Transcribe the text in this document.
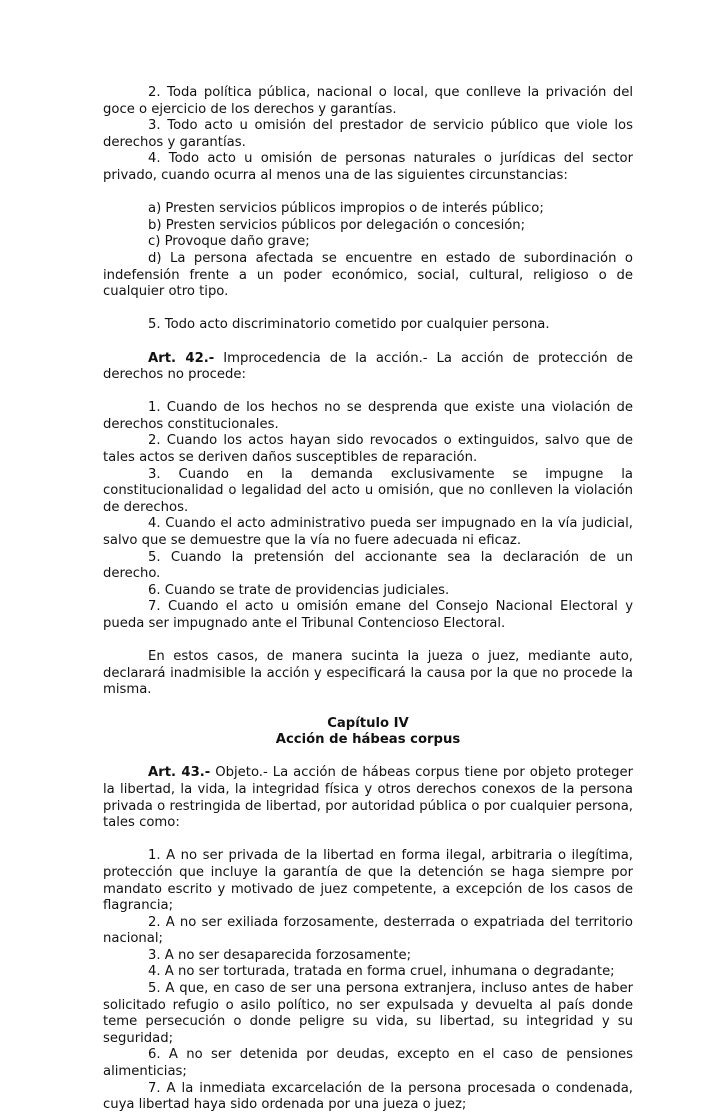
2. Toda política pública, nacional o local, que conlleve la privación del goce o ejercicio de los derechos y garantías.

3. Todo acto u omisión del prestador de servicio público que viole los derechos y garantías.

4. Todo acto u omisión de personas naturales o jurídicas del sector privado, cuando ocurra al menos una de las siguientes circunstancias:

a) Presten servicios públicos impropios o de interés público;

b) Presten servicios públicos por delegación o concesión;

c) Provoque daño grave;

d) La persona afectada se encuentre en estado de subordinación o indefensión frente a un poder económico, social, cultural, religioso o de cualquier otro tipo.

5. Todo acto discriminatorio cometido por cualquier persona.

Art. 42.- Improcedencia de la acción.- La acción de protección de derechos no procede:

1. Cuando de los hechos no se desprenda que existe una violación de derechos constitucionales.

2. Cuando los actos hayan sido revocados o extinguidos, salvo que de tales actos se deriven daños susceptibles de reparación.

3. Cuando en la demanda exclusivamente se impugne la constitucionalidad o legalidad del acto u omisión, que no conlleven la violación de derechos.

4. Cuando el acto administrativo pueda ser impugnado en la vía judicial, salvo que se demuestre que la vía no fuere adecuada ni eficaz.

5. Cuando la pretensión del accionante sea la declaración de un derecho.

6. Cuando se trate de providencias judiciales.

7. Cuando el acto u omisión emane del Consejo Nacional Electoral y pueda ser impugnado ante el Tribunal Contencioso Electoral.

En estos casos, de manera sucinta la jueza o juez, mediante auto, declarará inadmisible la acción y especificará la causa por la que no procede la misma.

Capítulo IV

Acción de hábeas corpus

Art. 43.- Objeto.- La acción de hábeas corpus tiene por objeto proteger la libertad, la vida, la integridad física y otros derechos conexos de la persona privada o restringida de libertad, por autoridad pública o por cualquier persona, tales como:

1. A no ser privada de la libertad en forma ilegal, arbitraria o ilegítima, protección que incluye la garantía de que la detención se haga siempre por mandato escrito y motivado de juez competente, a excepción de los casos de flagrancia;

2. A no ser exiliada forzosamente, desterrada o expatriada del territorio nacional;

3. A no ser desaparecida forzosamente;

4. A no ser torturada, tratada en forma cruel, inhumana o degradante;

5. A que, en caso de ser una persona extranjera, incluso antes de haber solicitado refugio o asilo político, no ser expulsada y devuelta al país donde teme persecución o donde peligre su vida, su libertad, su integridad y su seguridad;

6. A no ser detenida por deudas, excepto en el caso de pensiones alimenticias;

7. A la inmediata excarcelación de la persona procesada o condenada, cuya libertad haya sido ordenada por una jueza o juez;
